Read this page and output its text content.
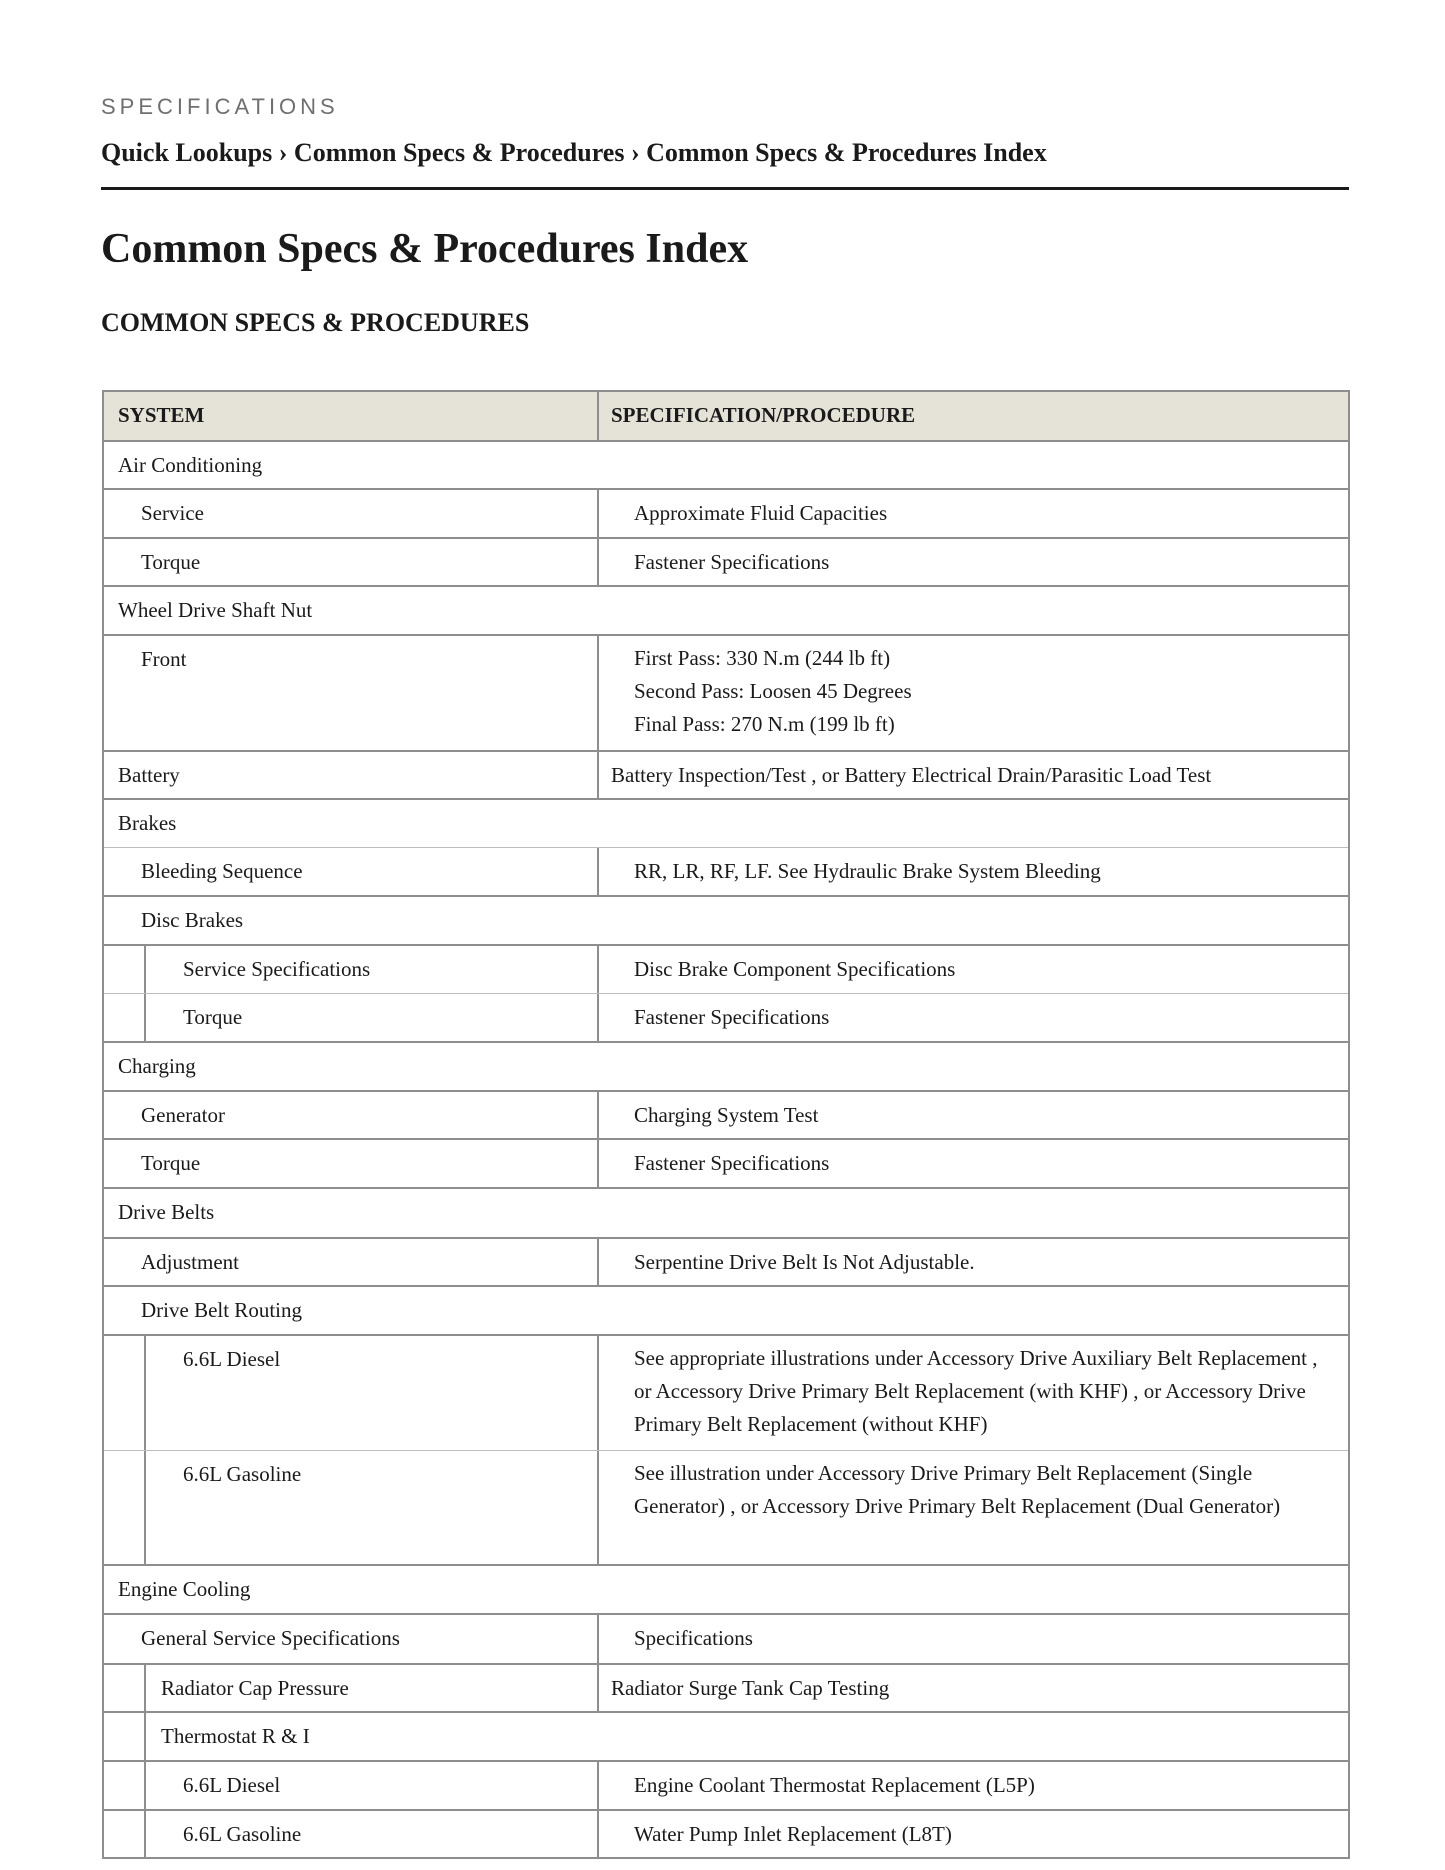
SPECIFICATIONS
Quick Lookups › Common Specs & Procedures › Common Specs & Procedures Index
Common Specs & Procedures Index
COMMON SPECS & PROCEDURES
SYSTEM	SPECIFICATION/PROCEDURE
Air Conditioning
Service	Approximate Fluid Capacities
Torque	Fastener Specifications
Wheel Drive Shaft Nut
Front	First Pass: 330 N.m (244 lb ft)
Second Pass: Loosen 45 Degrees
Final Pass: 270 N.m (199 lb ft)
Battery	Battery Inspection/Test , or Battery Electrical Drain/Parasitic Load Test
Brakes
Bleeding Sequence	RR, LR, RF, LF. See Hydraulic Brake System Bleeding
Disc Brakes
Service Specifications	Disc Brake Component Specifications
Torque	Fastener Specifications
Charging
Generator	Charging System Test
Torque	Fastener Specifications
Drive Belts
Adjustment	Serpentine Drive Belt Is Not Adjustable.
Drive Belt Routing
6.6L Diesel	See appropriate illustrations under Accessory Drive Auxiliary Belt Replacement ,
or Accessory Drive Primary Belt Replacement (with KHF) , or Accessory Drive
Primary Belt Replacement (without KHF)
6.6L Gasoline	See illustration under Accessory Drive Primary Belt Replacement (Single
Generator) , or Accessory Drive Primary Belt Replacement (Dual Generator)
Engine Cooling
General Service Specifications	Specifications
Radiator Cap Pressure	Radiator Surge Tank Cap Testing
Thermostat R & I
6.6L Diesel	Engine Coolant Thermostat Replacement (L5P)
6.6L Gasoline	Water Pump Inlet Replacement (L8T)
